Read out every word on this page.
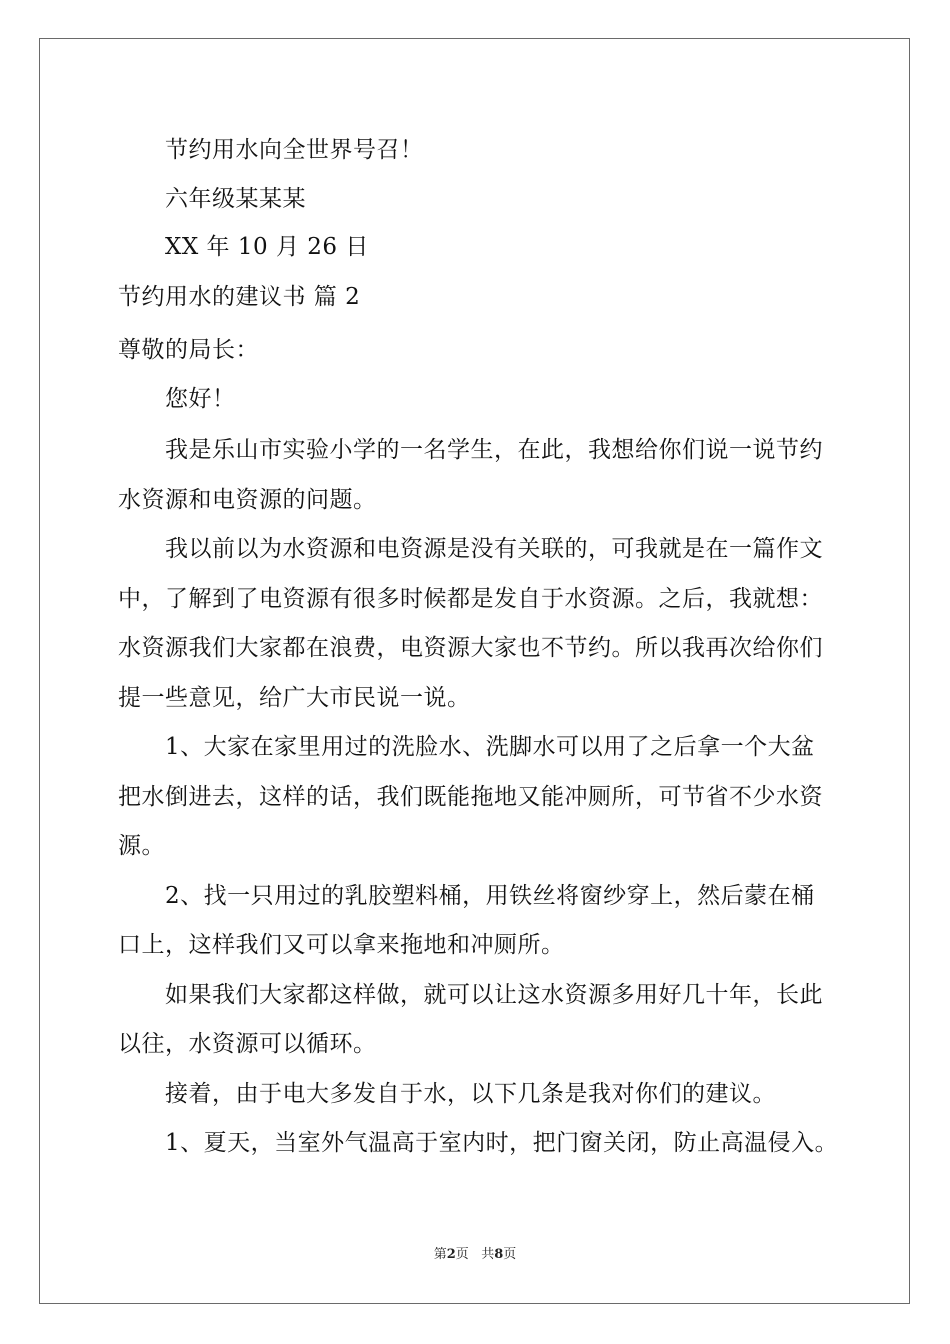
节约用水向全世界号召！
六年级某某某
XX 年 10 月 26 日
节约用水的建议书 篇 2
尊敬的局长：
您好！
我是乐山市实验小学的一名学生，在此，我想给你们说一说节约
水资源和电资源的问题。
我以前以为水资源和电资源是没有关联的，可我就是在一篇作文
中，了解到了电资源有很多时候都是发自于水资源。之后，我就想：
水资源我们大家都在浪费，电资源大家也不节约。所以我再次给你们
提一些意见，给广大市民说一说。
1、大家在家里用过的洗脸水、洗脚水可以用了之后拿一个大盆
把水倒进去，这样的话，我们既能拖地又能冲厕所，可节省不少水资
源。
2、找一只用过的乳胶塑料桶，用铁丝将窗纱穿上，然后蒙在桶
口上，这样我们又可以拿来拖地和冲厕所。
如果我们大家都这样做，就可以让这水资源多用好几十年，长此
以往，水资源可以循环。
接着，由于电大多发自于水，以下几条是我对你们的建议。
1、夏天，当室外气温高于室内时，把门窗关闭，防止高温侵入。
第2页 共8页
